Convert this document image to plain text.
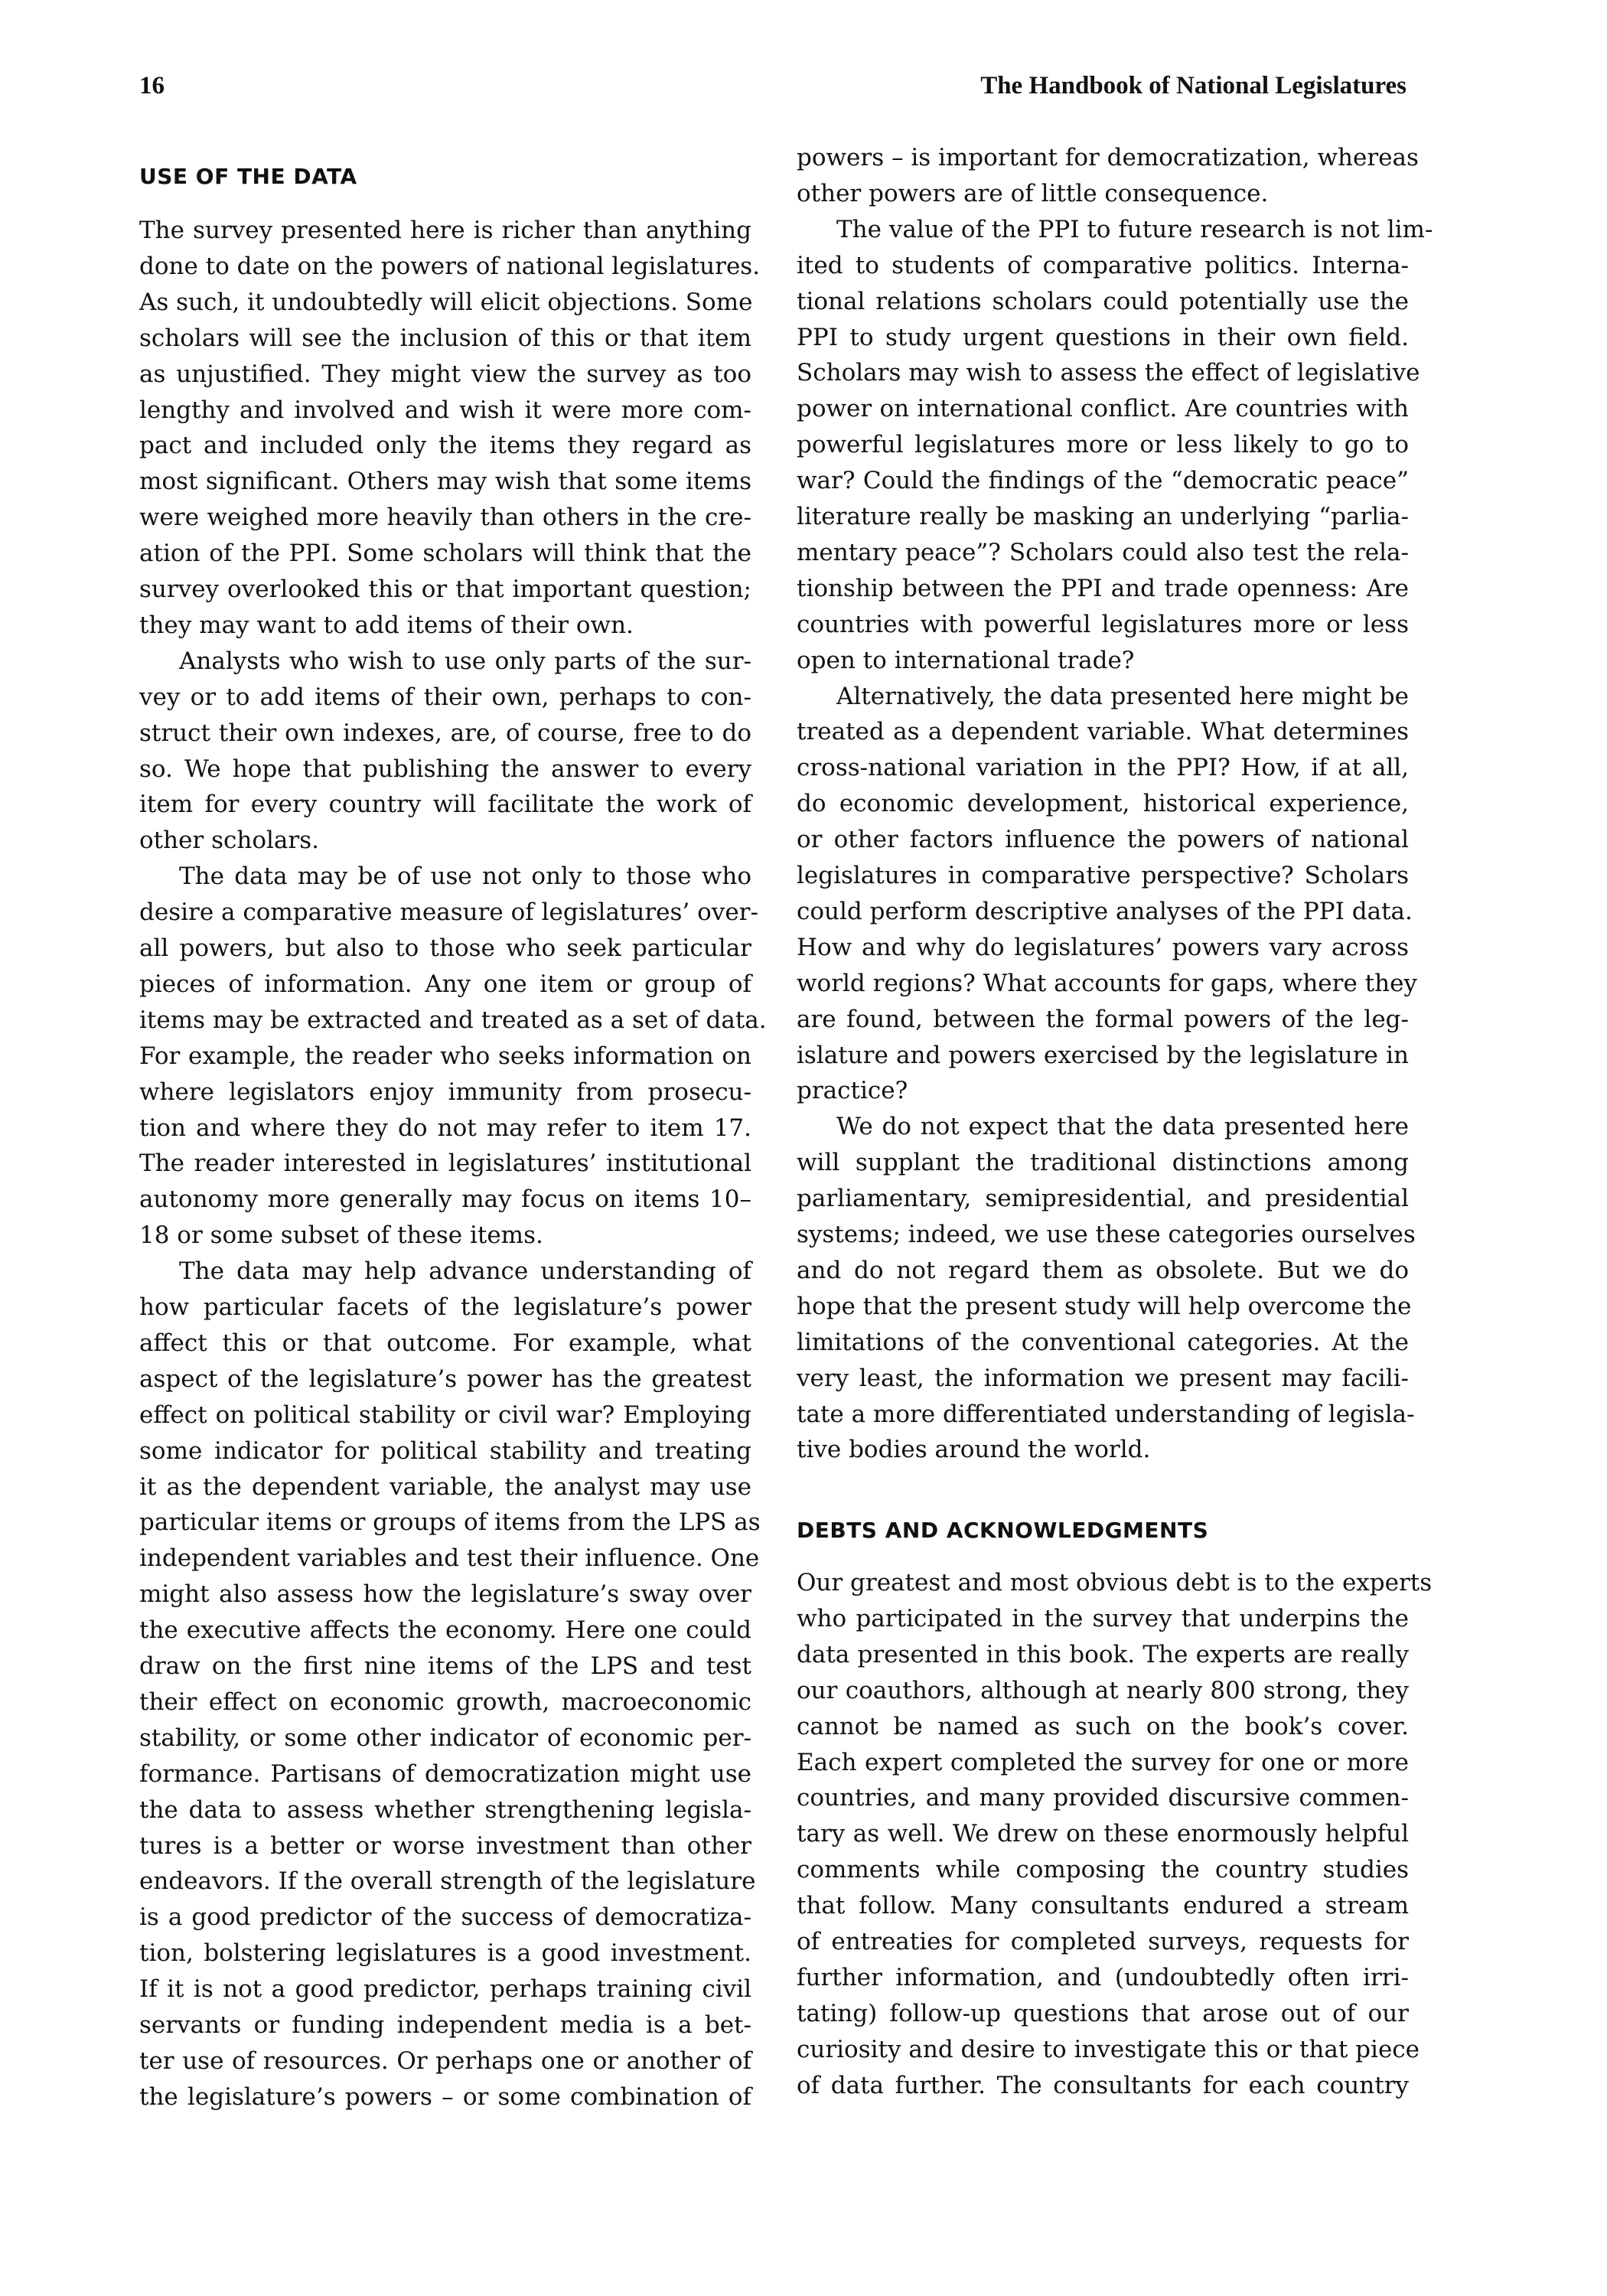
16	The Handbook of National Legislatures
USE OF THE DATA
The survey presented here is richer than anything
done to date on the powers of national legislatures.
As such, it undoubtedly will elicit objections. Some
scholars will see the inclusion of this or that item
as unjustified. They might view the survey as too
lengthy and involved and wish it were more com-
pact and included only the items they regard as
most significant. Others may wish that some items
were weighed more heavily than others in the cre-
ation of the PPI. Some scholars will think that the
survey overlooked this or that important question;
they may want to add items of their own.
Analysts who wish to use only parts of the sur-
vey or to add items of their own, perhaps to con-
struct their own indexes, are, of course, free to do
so. We hope that publishing the answer to every
item for every country will facilitate the work of
other scholars.
The data may be of use not only to those who
desire a comparative measure of legislatures’ over-
all powers, but also to those who seek particular
pieces of information. Any one item or group of
items may be extracted and treated as a set of data.
For example, the reader who seeks information on
where legislators enjoy immunity from prosecu-
tion and where they do not may refer to item 17.
The reader interested in legislatures’ institutional
autonomy more generally may focus on items 10–
18 or some subset of these items.
The data may help advance understanding of
how particular facets of the legislature’s power
affect this or that outcome. For example, what
aspect of the legislature’s power has the greatest
effect on political stability or civil war? Employing
some indicator for political stability and treating
it as the dependent variable, the analyst may use
particular items or groups of items from the LPS as
independent variables and test their influence. One
might also assess how the legislature’s sway over
the executive affects the economy. Here one could
draw on the first nine items of the LPS and test
their effect on economic growth, macroeconomic
stability, or some other indicator of economic per-
formance. Partisans of democratization might use
the data to assess whether strengthening legisla-
tures is a better or worse investment than other
endeavors. If the overall strength of the legislature
is a good predictor of the success of democratiza-
tion, bolstering legislatures is a good investment.
If it is not a good predictor, perhaps training civil
servants or funding independent media is a bet-
ter use of resources. Or perhaps one or another of
the legislature’s powers – or some combination of
DEBTS AND ACKNOWLEDGMENTS
powers – is important for democratization, whereas
other powers are of little consequence.
The value of the PPI to future research is not lim-
ited to students of comparative politics. Interna-
tional relations scholars could potentially use the
PPI to study urgent questions in their own field.
Scholars may wish to assess the effect of legislative
power on international conflict. Are countries with
powerful legislatures more or less likely to go to
war? Could the findings of the “democratic peace”
literature really be masking an underlying “parlia-
mentary peace”? Scholars could also test the rela-
tionship between the PPI and trade openness: Are
countries with powerful legislatures more or less
open to international trade?
Alternatively, the data presented here might be
treated as a dependent variable. What determines
cross-national variation in the PPI? How, if at all,
do economic development, historical experience,
or other factors influence the powers of national
legislatures in comparative perspective? Scholars
could perform descriptive analyses of the PPI data.
How and why do legislatures’ powers vary across
world regions? What accounts for gaps, where they
are found, between the formal powers of the leg-
islature and powers exercised by the legislature in
practice?
We do not expect that the data presented here
will supplant the traditional distinctions among
parliamentary, semipresidential, and presidential
systems; indeed, we use these categories ourselves
and do not regard them as obsolete. But we do
hope that the present study will help overcome the
limitations of the conventional categories. At the
very least, the information we present may facili-
tate a more differentiated understanding of legisla-
tive bodies around the world.
Our greatest and most obvious debt is to the experts
who participated in the survey that underpins the
data presented in this book. The experts are really
our coauthors, although at nearly 800 strong, they
cannot be named as such on the book’s cover.
Each expert completed the survey for one or more
countries, and many provided discursive commen-
tary as well. We drew on these enormously helpful
comments while composing the country studies
that follow. Many consultants endured a stream
of entreaties for completed surveys, requests for
further information, and (undoubtedly often irri-
tating) follow-up questions that arose out of our
curiosity and desire to investigate this or that piece
of data further. The consultants for each country
